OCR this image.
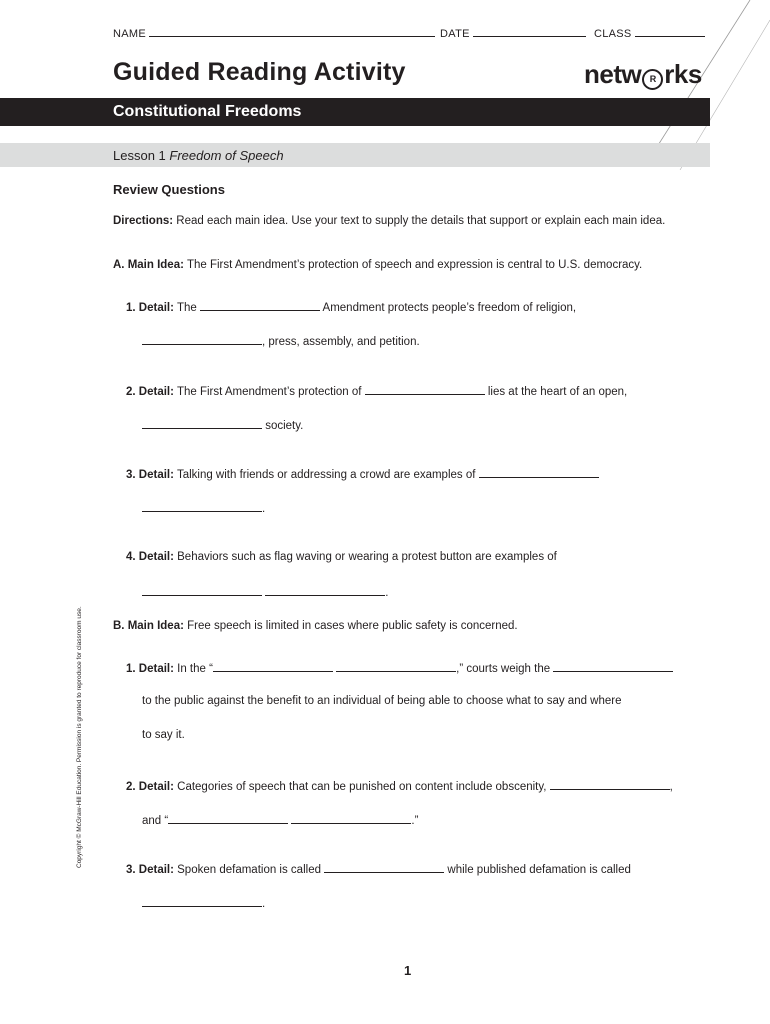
NAME	DATE	CLASS
Guided Reading Activity	netw R rks
Constitutional Freedoms
Lesson 1 Freedom of Speech
Review Questions
Directions: Read each main idea. Use your text to supply the details that support or explain each main idea.
A. Main Idea: The First Amendment’s protection of speech and expression is central to U.S. democracy.
1. Detail: The	Amendment protects people’s freedom of religion,
, press, assembly, and petition.
2. Detail: The First Amendment’s protection of	lies at the heart of an open,
society.
3. Detail: Talking with friends or addressing a crowd are examples of
.
4. Detail: Behaviors such as flag waving or wearing a protest button are examples of
.
B. Main Idea: Free speech is limited in cases where public safety is concerned.
1. Detail: In the “	,” courts weigh the
to the public against the benefit to an individual of being able to choose what to say and where
to say it.
2. Detail: Categories of speech that can be punished on content include obscenity,	,
and “	.”
3. Detail: Spoken defamation is called	while published defamation is called
.
Copyright © McGraw-Hill Education. Permission is granted to reproduce for classroom use.
1
